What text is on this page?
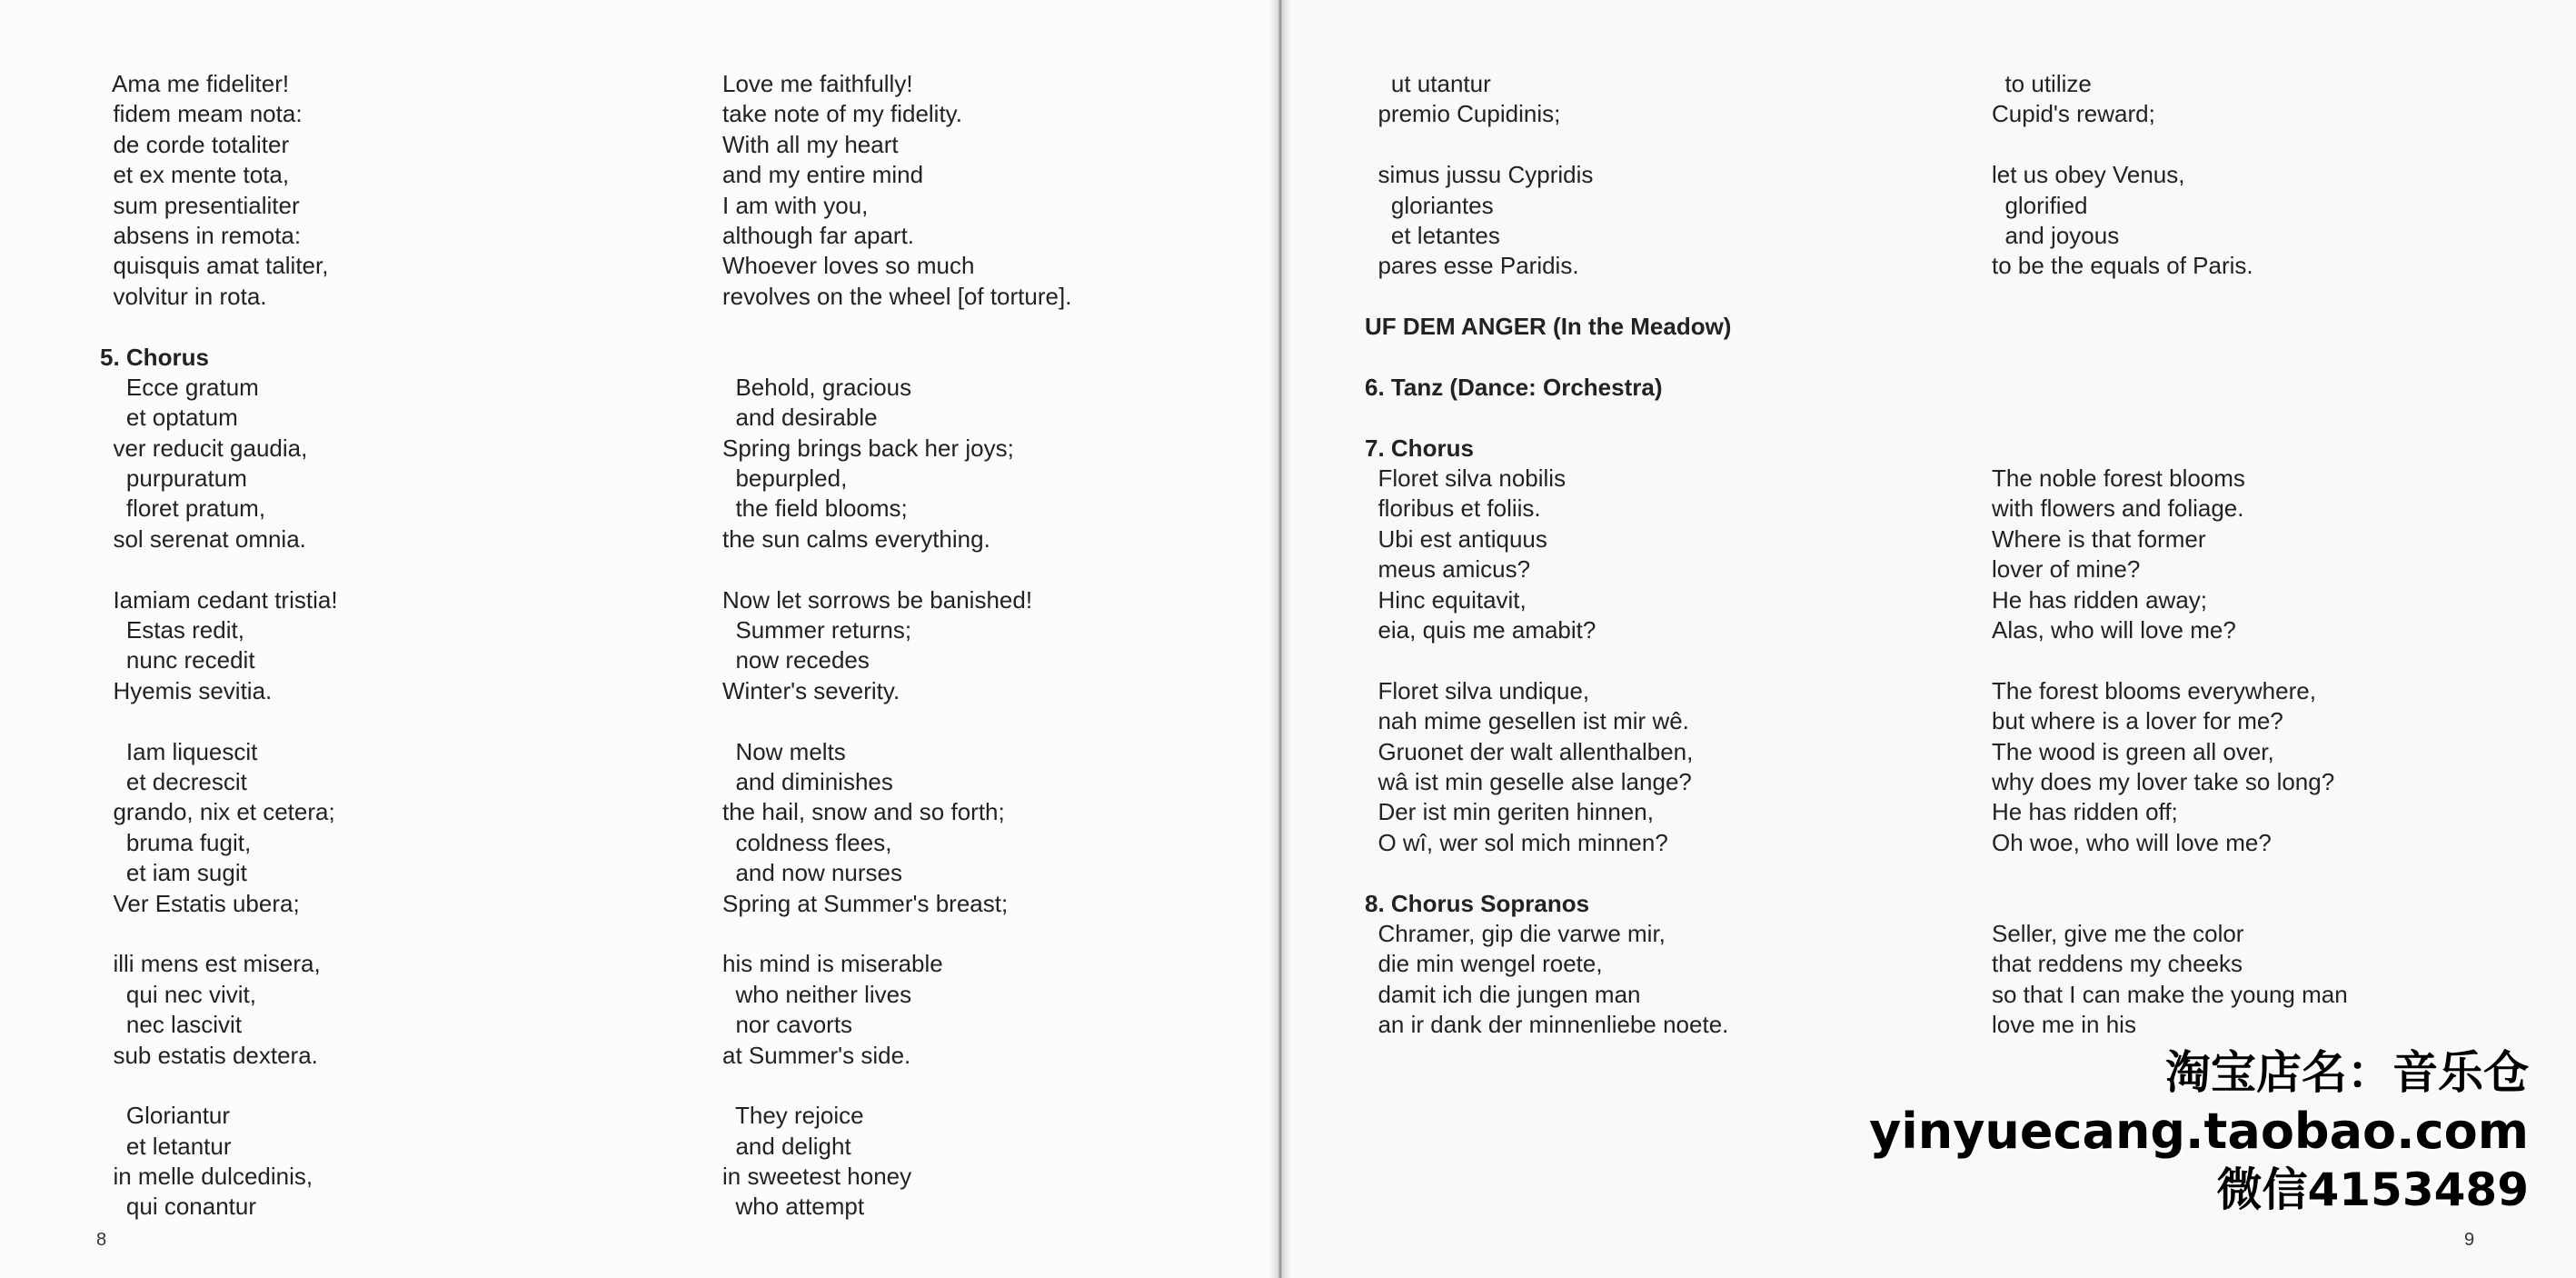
Ama me fideliter!
fidem meam nota:
de corde totaliter
et ex mente tota,
sum presentialiter
absens in remota:
quisquis amat taliter,
volvitur in rota.
5. Chorus
Ecce gratum
et optatum
ver reducit gaudia,
purpuratum
floret pratum,
sol serenat omnia.
Iamiam cedant tristia!
Estas redit,
nunc recedit
Hyemis sevitia.
Iam liquescit
et decrescit
grando, nix et cetera;
bruma fugit,
et iam sugit
Ver Estatis ubera;
illi mens est misera,
qui nec vivit,
nec lascivit
sub estatis dextera.
Gloriantur
et letantur
in melle dulcedinis,
qui conantur
Love me faithfully!
take note of my fidelity.
With all my heart
and my entire mind
I am with you,
although far apart.
Whoever loves so much
revolves on the wheel [of torture].
Behold, gracious
and desirable
Spring brings back her joys;
bepurpled,
the field blooms;
the sun calms everything.
Now let sorrows be banished!
Summer returns;
now recedes
Winter's severity.
Now melts
and diminishes
the hail, snow and so forth;
coldness flees,
and now nurses
Spring at Summer's breast;
his mind is miserable
who neither lives
nor cavorts
at Summer's side.
They rejoice
and delight
in sweetest honey
who attempt
8
ut utantur
premio Cupidinis;
simus jussu Cypridis
gloriantes
et letantes
pares esse Paridis.
UF DEM ANGER (In the Meadow)
6. Tanz (Dance: Orchestra)
7. Chorus
Floret silva nobilis
floribus et foliis.
Ubi est antiquus
meus amicus?
Hinc equitavit,
eia, quis me amabit?
Floret silva undique,
nah mime gesellen ist mir wê.
Gruonet der walt allenthalben,
wâ ist min geselle alse lange?
Der ist min geriten hinnen,
O wî, wer sol mich minnen?
8. Chorus Sopranos
Chramer, gip die varwe mir,
die min wengel roete,
damit ich die jungen man
an ir dank der minnenliebe noete.
to utilize
Cupid's reward;
let us obey Venus,
glorified
and joyous
to be the equals of Paris.
The noble forest blooms
with flowers and foliage.
Where is that former
lover of mine?
He has ridden away;
Alas, who will love me?
The forest blooms everywhere,
but where is a lover for me?
The wood is green all over,
why does my lover take so long?
He has ridden off;
Oh woe, who will love me?
Seller, give me the color
that reddens my cheeks
so that I can make the young man
love me in his
9
淘宝店名：音乐仓
yinyuecang.taobao.com
微信4153489
